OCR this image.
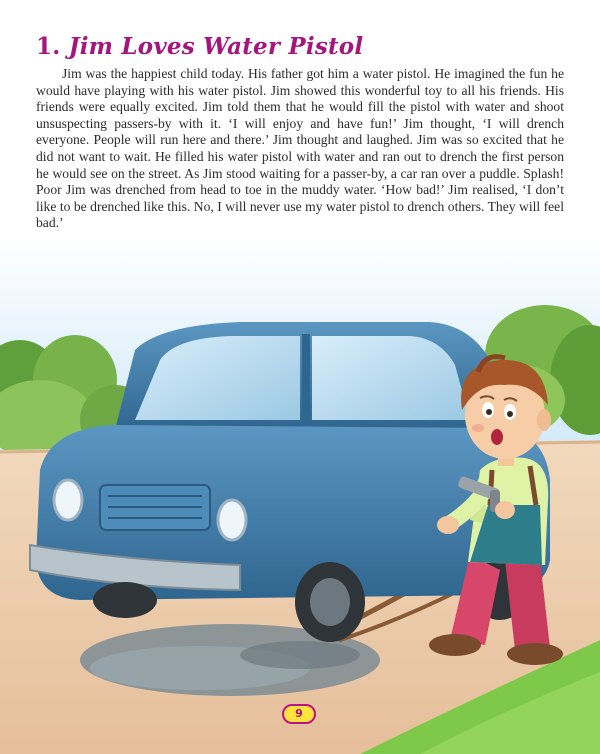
1. Jim Loves Water Pistol

Jim was the happiest child today. His father got him a water pistol. He imagined the fun he would have playing with his water pistol. Jim showed this wonderful toy to all his friends. His friends were equally excited. Jim told them that he would fill the pistol with water and shoot unsuspecting passers-by with it. ‘I will enjoy and have fun!’ Jim thought, ‘I will drench everyone. People will run here and there.’ Jim thought and laughed. Jim was so excited that he did not want to wait. He filled his water pistol with water and ran out to drench the first person he would see on the street. As Jim stood waiting for a passer-by, a car ran over a puddle. Splash! Poor Jim was drenched from head to toe in the muddy water. ‘How bad!’ Jim realised, ‘I don’t like to be drenched like this. No, I will never use my water pistol to drench others. They will feel bad.’

9
